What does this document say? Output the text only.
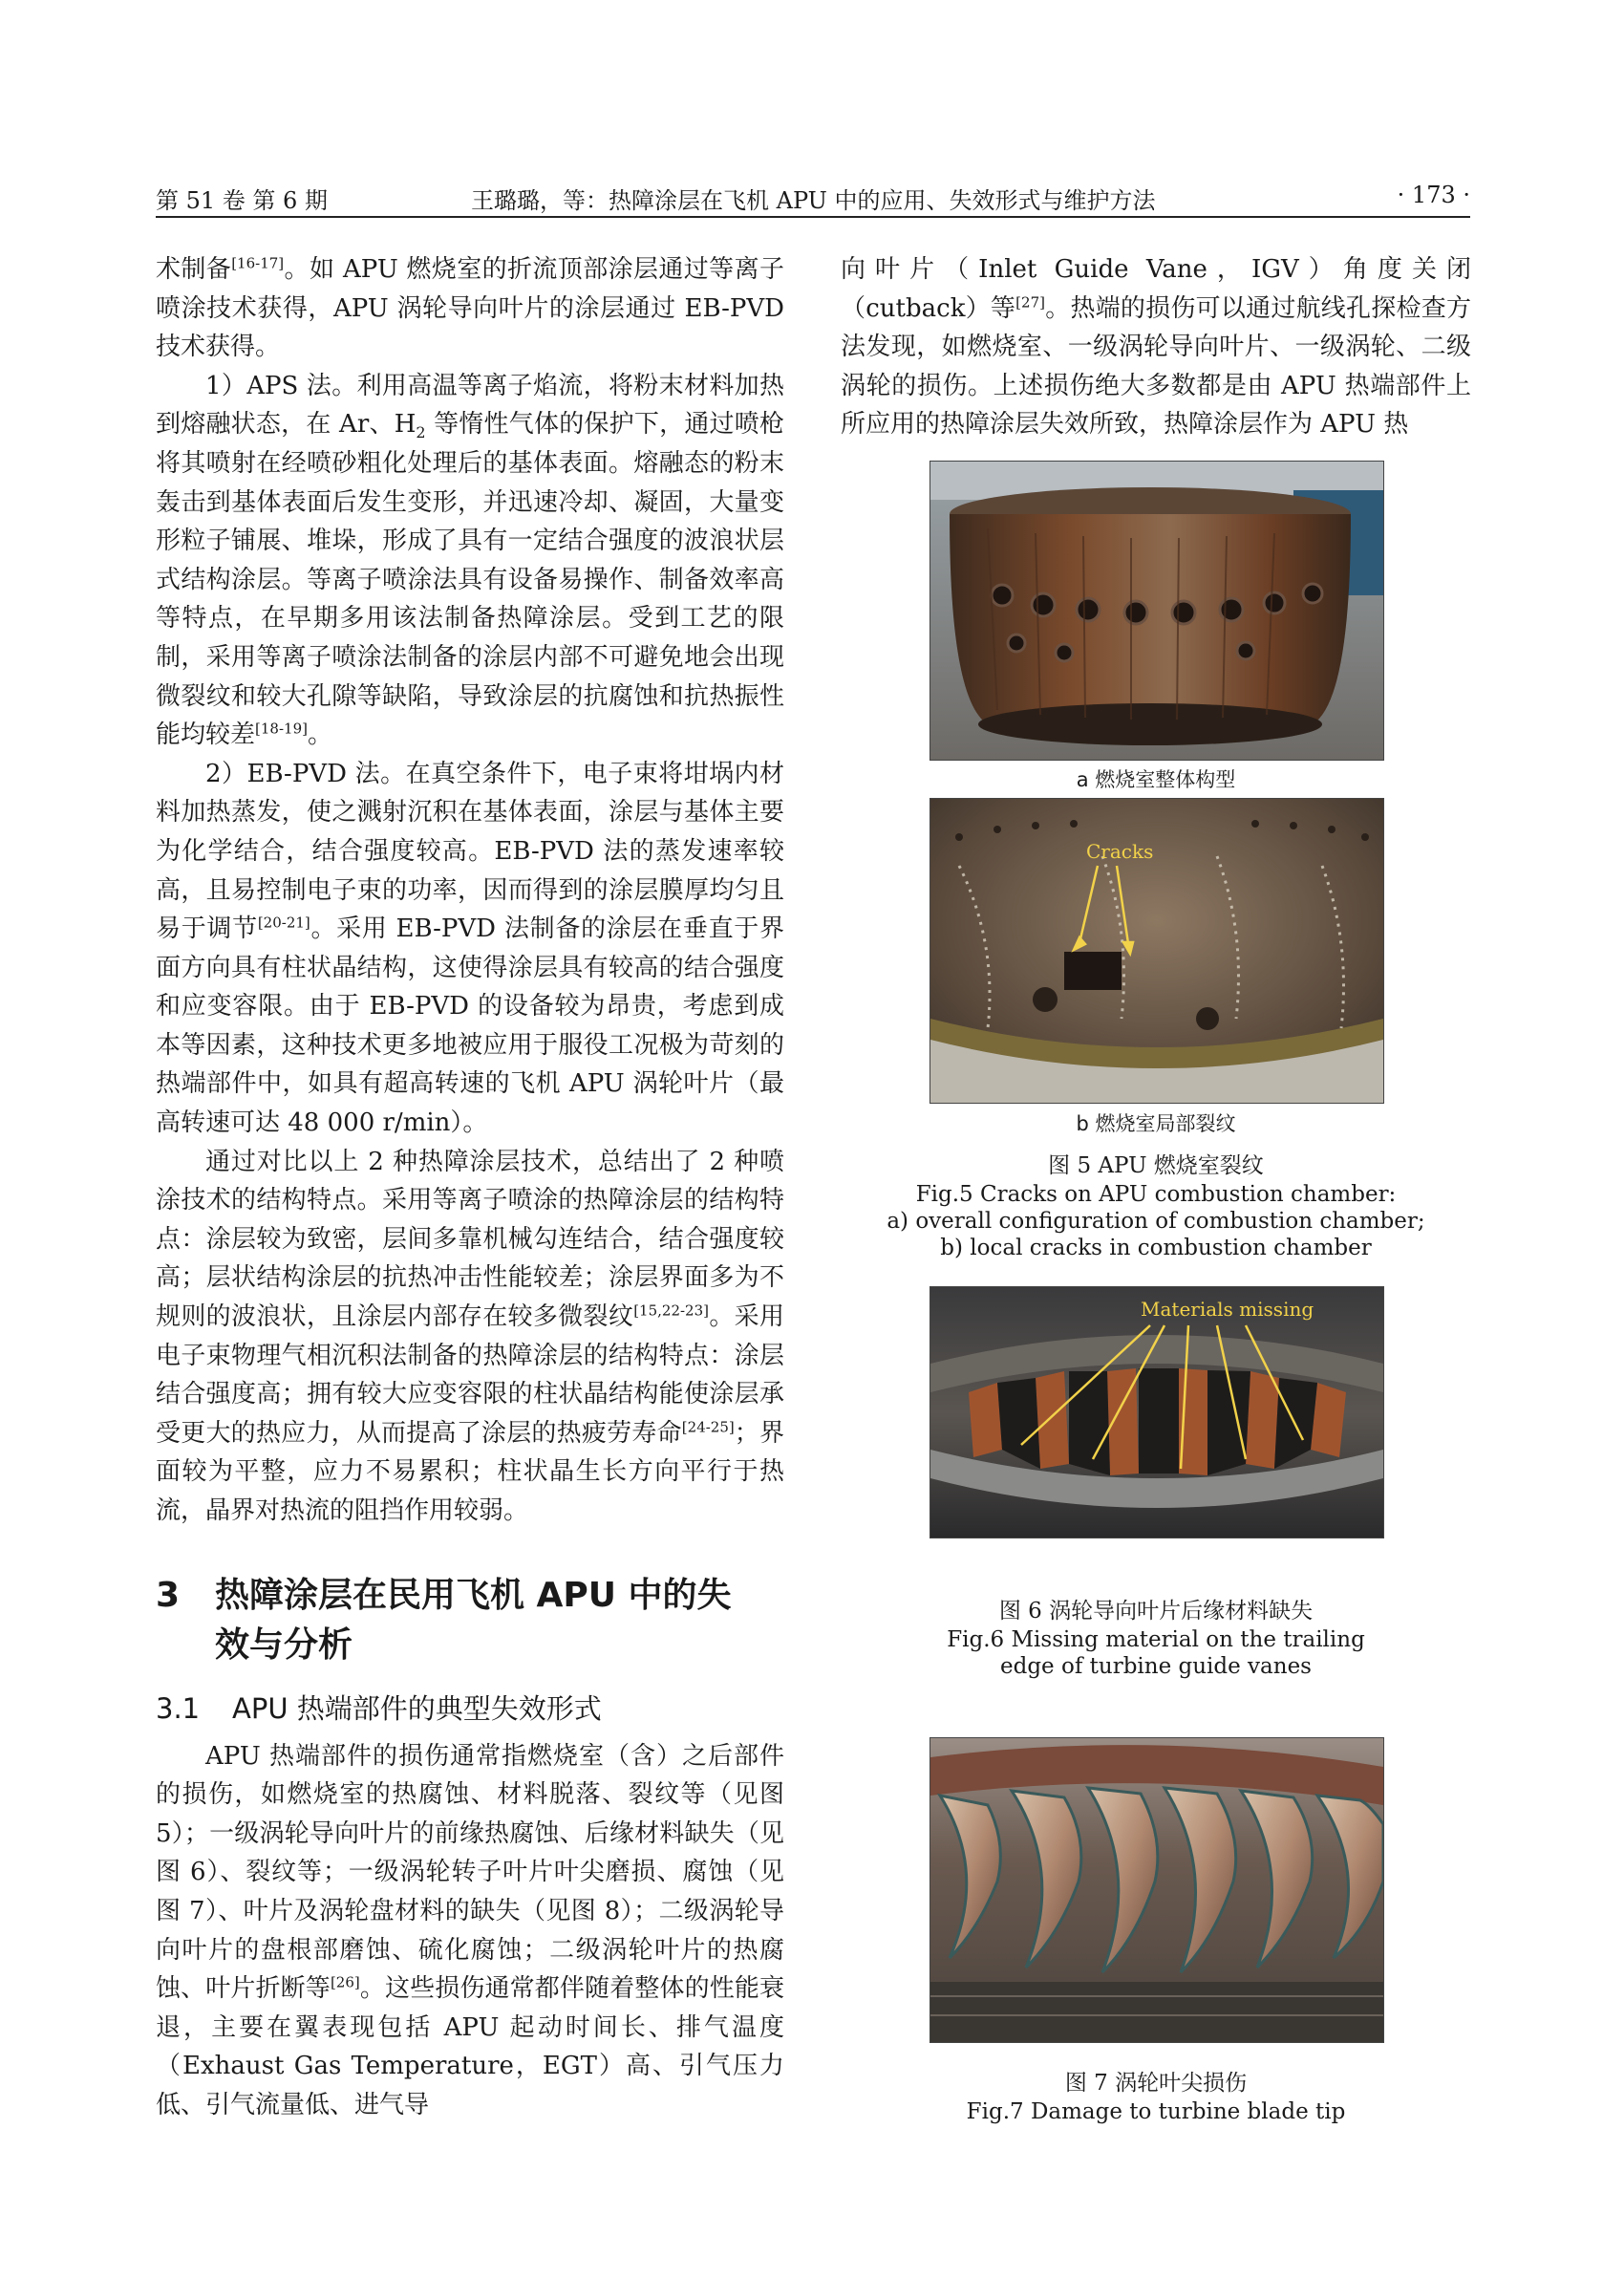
第 51 卷 第 6 期	王璐璐，等：热障涂层在飞机 APU 中的应用、失效形式与维护方法	· 173 ·

术制备[16-17]。如 APU 燃烧室的折流顶部涂层通过等离子喷涂技术获得，APU 涡轮导向叶片的涂层通过 EB-PVD 技术获得。

1）APS 法。利用高温等离子焰流，将粉末材料加热到熔融状态，在 Ar、$H_2$ 等惰性气体的保护下，通过喷枪将其喷射在经喷砂粗化处理后的基体表面。熔融态的粉末轰击到基体表面后发生变形，并迅速冷却、凝固，大量变形粒子铺展、堆垛，形成了具有一定结合强度的波浪状层式结构涂层。等离子喷涂法具有设备易操作、制备效率高等特点，在早期多用该法制备热障涂层。受到工艺的限制，采用等离子喷涂法制备的涂层内部不可避免地会出现微裂纹和较大孔隙等缺陷，导致涂层的抗腐蚀和抗热振性能均较差[18-19]。

2）EB-PVD 法。在真空条件下，电子束将坩埚内材料加热蒸发，使之溅射沉积在基体表面，涂层与基体主要为化学结合，结合强度较高。EB-PVD 法的蒸发速率较高，且易控制电子束的功率，因而得到的涂层膜厚均匀且易于调节[20-21]。采用 EB-PVD 法制备的涂层在垂直于界面方向具有柱状晶结构，这使得涂层具有较高的结合强度和应变容限。由于 EB-PVD 的设备较为昂贵，考虑到成本等因素，这种技术更多地被应用于服役工况极为苛刻的热端部件中，如具有超高转速的飞机 APU 涡轮叶片（最高转速可达 48 000 r/min）。

通过对比以上 2 种热障涂层技术，总结出了 2 种喷涂技术的结构特点。采用等离子喷涂的热障涂层的结构特点：涂层较为致密，层间多靠机械勾连结合，结合强度较高；层状结构涂层的抗热冲击性能较差；涂层界面多为不规则的波浪状，且涂层内部存在较多微裂纹[15,22-23]。采用电子束物理气相沉积法制备的热障涂层的结构特点：涂层结合强度高；拥有较大应变容限的柱状晶结构能使涂层承受更大的热应力，从而提高了涂层的热疲劳寿命[24-25]；界面较为平整，应力不易累积；柱状晶生长方向平行于热流，晶界对热流的阻挡作用较弱。

3 热障涂层在民用飞机 APU 中的失
效与分析
3.1 APU 热端部件的典型失效形式

APU 热端部件的损伤通常指燃烧室（含）之后部件的损伤，如燃烧室的热腐蚀、材料脱落、裂纹等（见图 5）；一级涡轮导向叶片的前缘热腐蚀、后缘材料缺失（见图 6）、裂纹等；一级涡轮转子叶片叶尖磨损、腐蚀（见图 7）、叶片及涡轮盘材料的缺失（见图 8）；二级涡轮导向叶片的盘根部磨蚀、硫化腐蚀；二级涡轮叶片的热腐蚀、叶片折断等[26]。这些损伤通常都伴随着整体的性能衰退，主要在翼表现包括 APU 起动时间长、排气温度（Exhaust Gas Temperature，EGT）高、引气压力低、引气流量低、进气导

向叶片（Inlet Guide Vane，IGV）角度关闭（cutback）等[27]。热端的损伤可以通过航线孔探检查方法发现，如燃烧室、一级涡轮导向叶片、一级涡轮、二级涡轮的损伤。上述损伤绝大多数都是由 APU 热端部件上所应用的热障涂层失效所致，热障涂层作为 APU 热

a 燃烧室整体构型
Cracks
b 燃烧室局部裂纹
图 5 APU 燃烧室裂纹
Fig.5 Cracks on APU combustion chamber:
a) overall configuration of combustion chamber;
b) local cracks in combustion chamber
Materials missing
图 6 涡轮导向叶片后缘材料缺失
Fig.6 Missing material on the trailing
edge of turbine guide vanes
图 7 涡轮叶尖损伤
Fig.7 Damage to turbine blade tip
